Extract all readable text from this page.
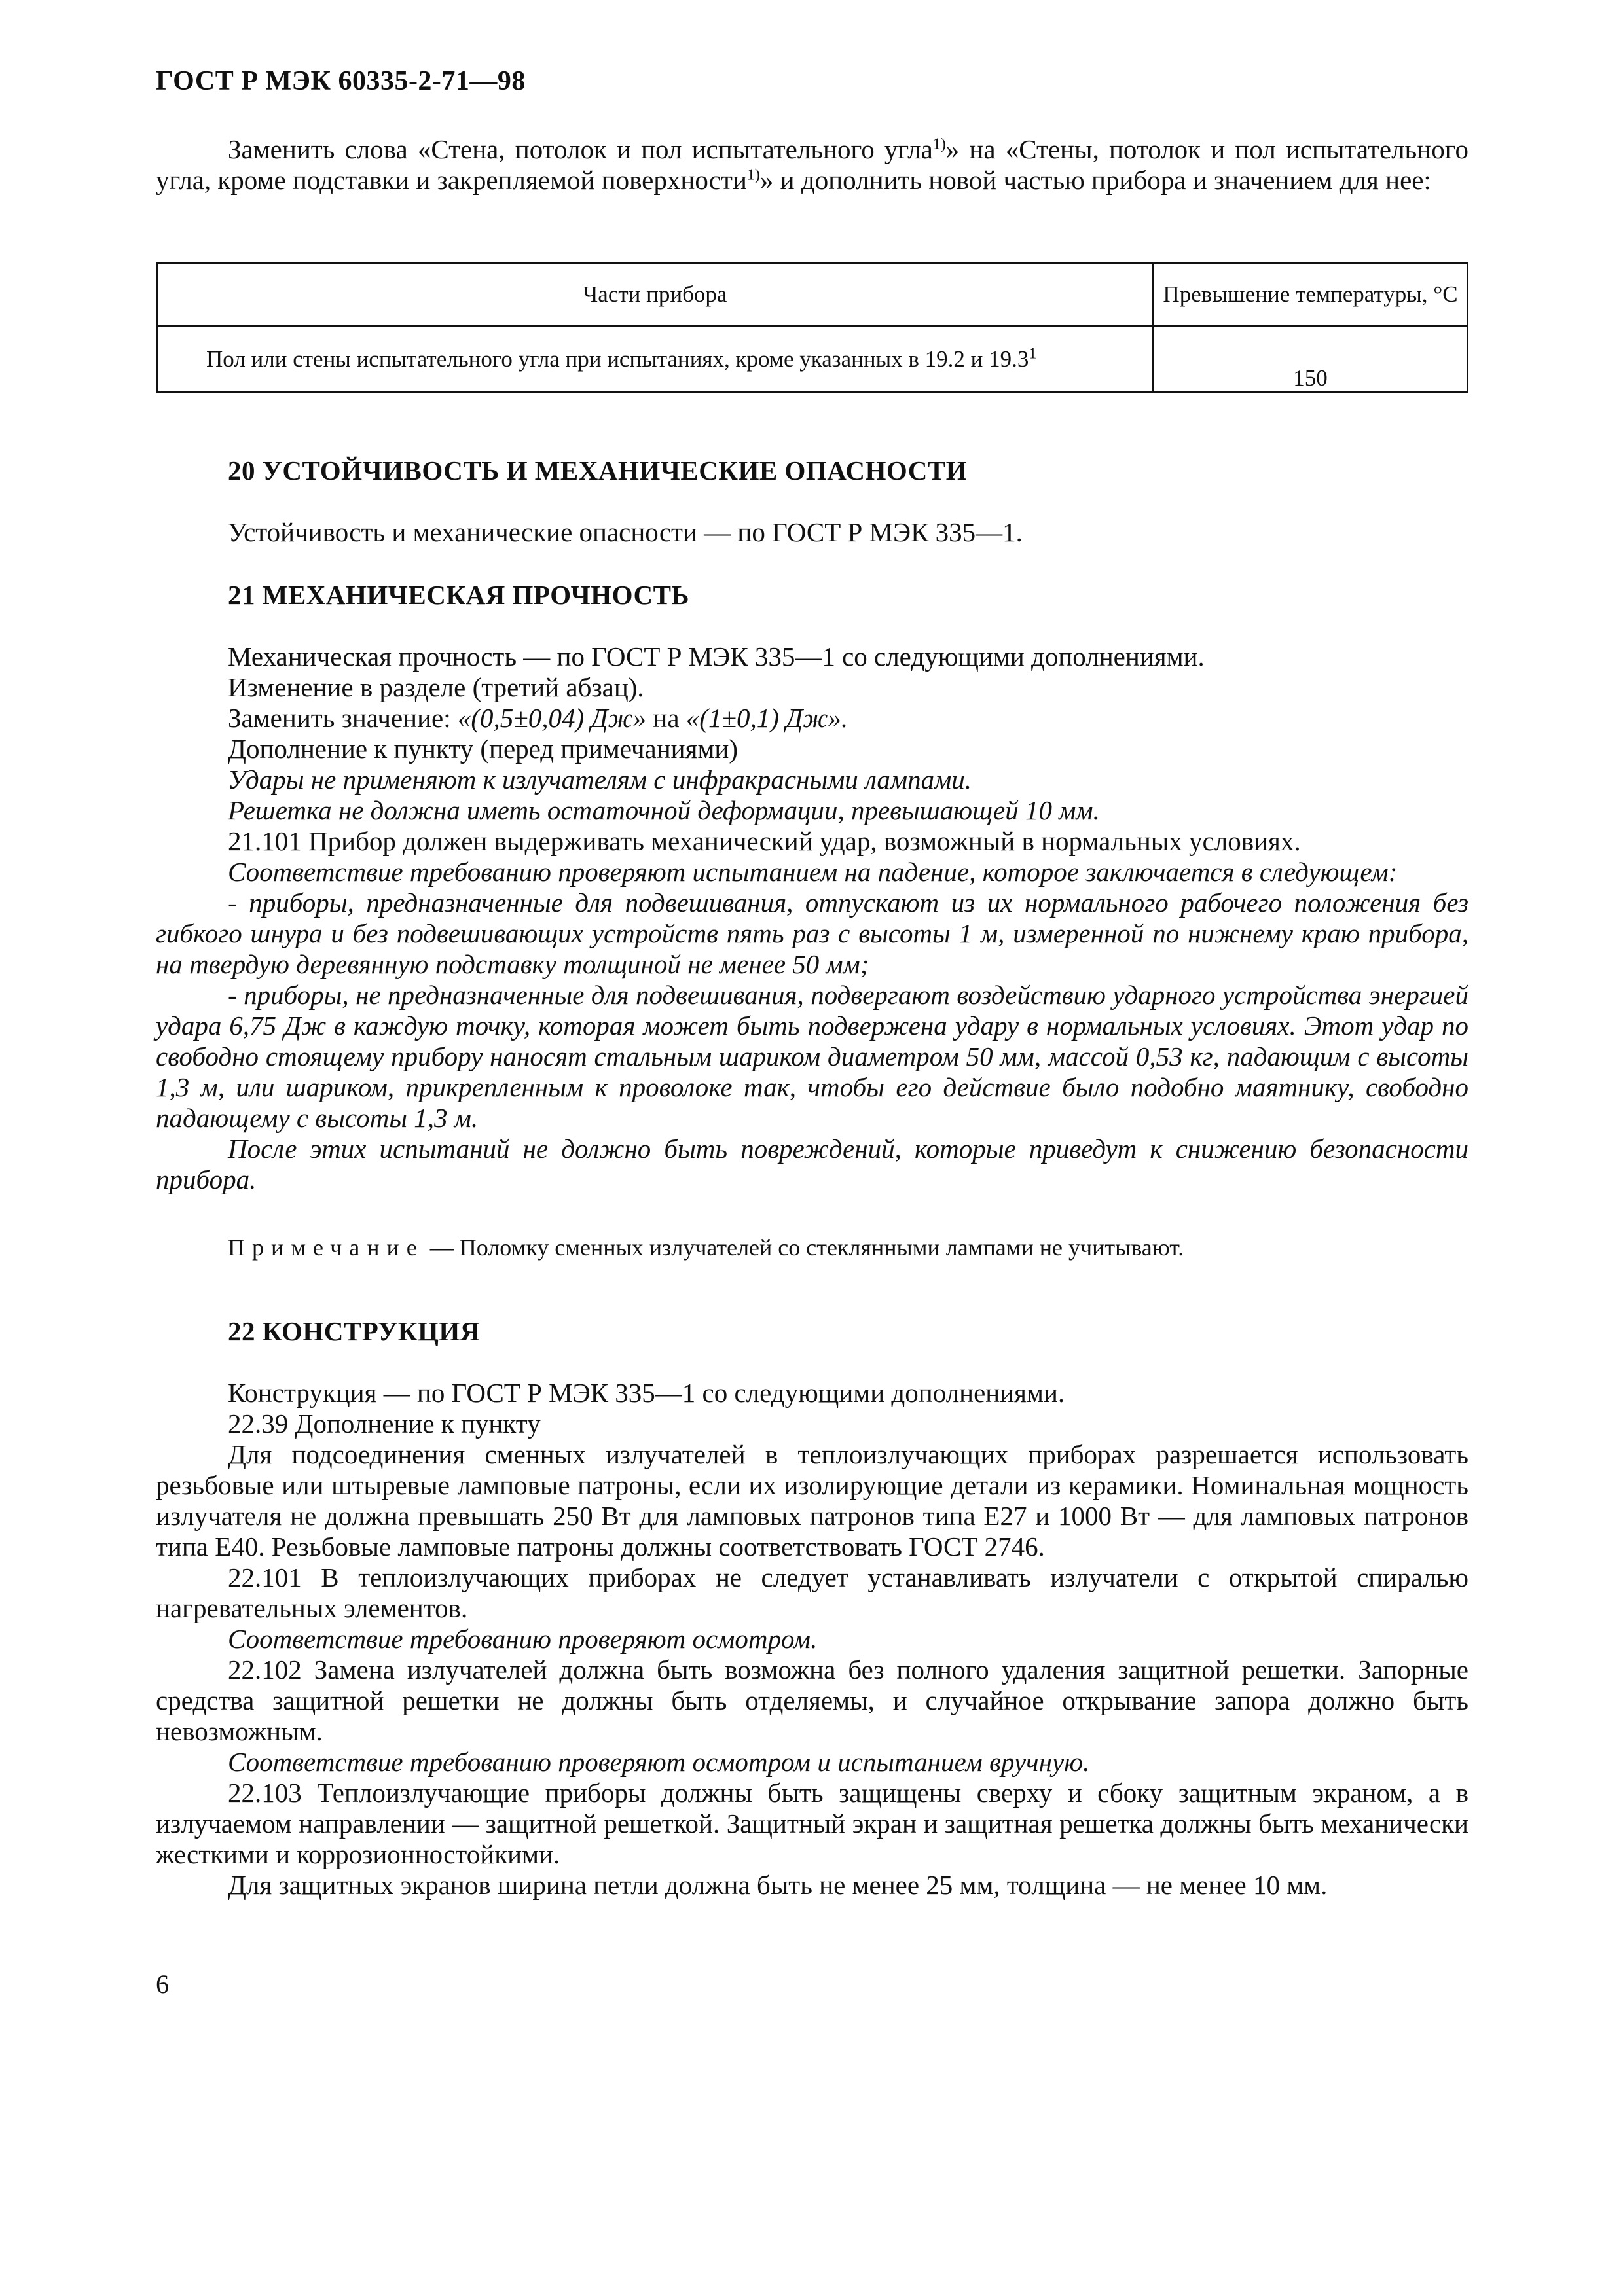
ГОСТ Р МЭК 60335-2-71—98

Заменить слова «Стена, потолок и пол испытательного угла$^{1)}$» на «Стены, потолок и пол испытательного угла, кроме подставки и закрепляемой поверхности$^{1)}$» и дополнить новой частью прибора и значением для нее:

Части прибора	Превышение температуры, °C
Пол или стены испытательного угла при испытаниях, кроме указанных в 19.2 и 19.3$^1$	150
20 УСТОЙЧИВОСТЬ И МЕХАНИЧЕСКИЕ ОПАСНОСТИ

Устойчивость и механические опасности — по ГОСТ Р МЭК 335—1.

21 МЕХАНИЧЕСКАЯ ПРОЧНОСТЬ

Механическая прочность — по ГОСТ Р МЭК 335—1 со следующими дополнениями.

Изменение в разделе (третий абзац).

Заменить значение: «(0,5±0,04) Дж» на «(1±0,1) Дж».

Дополнение к пункту (перед примечаниями)

Удары не применяют к излучателям с инфракрасными лампами.

Решетка не должна иметь остаточной деформации, превышающей 10 мм.

21.101 Прибор должен выдерживать механический удар, возможный в нормальных условиях.

Соответствие требованию проверяют испытанием на падение, которое заключается в следующем:

- приборы, предназначенные для подвешивания, отпускают из их нормального рабочего положения без гибкого шнура и без подвешивающих устройств пять раз с высоты 1 м, измеренной по нижнему краю прибора, на твердую деревянную подставку толщиной не менее 50 мм;

- приборы, не предназначенные для подвешивания, подвергают воздействию ударного устройства энергией удара 6,75 Дж в каждую точку, которая может быть подвержена удару в нормальных условиях. Этот удар по свободно стоящему прибору наносят стальным шариком диаметром 50 мм, массой 0,53 кг, падающим с высоты 1,3 м, или шариком, прикрепленным к проволоке так, чтобы его действие было подобно маятнику, свободно падающему с высоты 1,3 м.

После этих испытаний не должно быть повреждений, которые приведут к снижению безопасности прибора.

Примечание — Поломку сменных излучателей со стеклянными лампами не учитывают.
22 КОНСТРУКЦИЯ

Конструкция — по ГОСТ Р МЭК 335—1 со следующими дополнениями.

22.39 Дополнение к пункту

Для подсоединения сменных излучателей в теплоизлучающих приборах разрешается использовать резьбовые или штыревые ламповые патроны, если их изолирующие детали из керамики. Номинальная мощность излучателя не должна превышать 250 Вт для ламповых патронов типа E27 и 1000 Вт — для ламповых патронов типа E40. Резьбовые ламповые патроны должны соответствовать ГОСТ 2746.

22.101 В теплоизлучающих приборах не следует устанавливать излучатели с открытой спиралью нагревательных элементов.

Соответствие требованию проверяют осмотром.

22.102 Замена излучателей должна быть возможна без полного удаления защитной решетки. Запорные средства защитной решетки не должны быть отделяемы, и случайное открывание запора должно быть невозможным.

Соответствие требованию проверяют осмотром и испытанием вручную.

22.103 Теплоизлучающие приборы должны быть защищены сверху и сбоку защитным экраном, а в излучаемом направлении — защитной решеткой. Защитный экран и защитная решетка должны быть механически жесткими и коррозионностойкими.

Для защитных экранов ширина петли должна быть не менее 25 мм, толщина — не менее 10 мм.

6
